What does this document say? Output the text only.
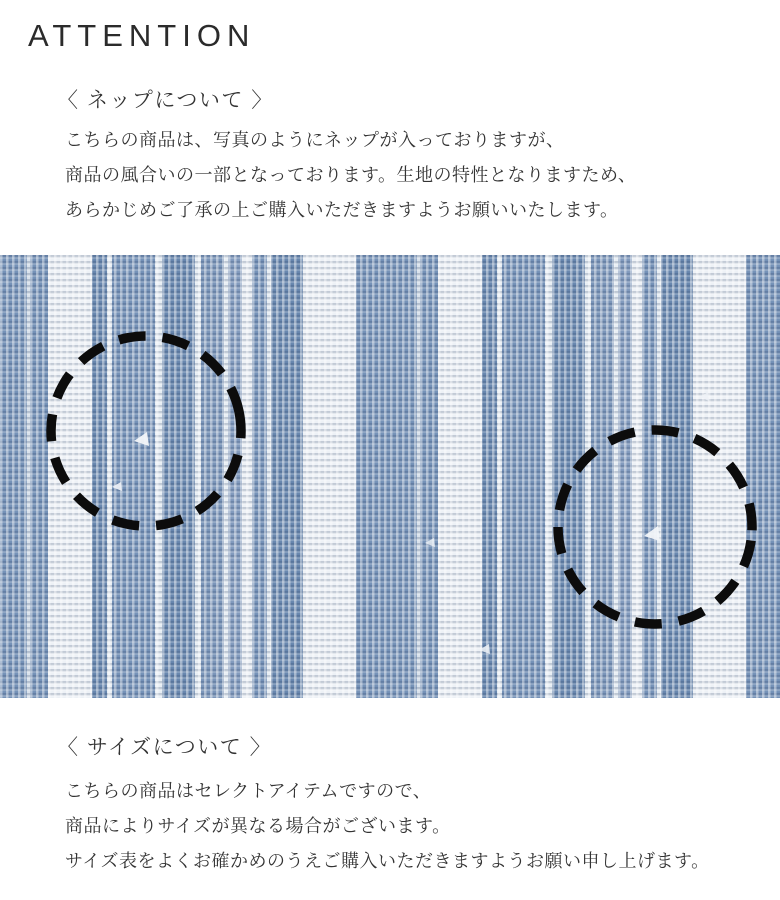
ATTENTION
〈 ネップについて 〉
こちらの商品は、写真のようにネップが入っておりますが、
商品の風合いの一部となっております。生地の特性となりますため、
あらかじめご了承の上ご購入いただきますようお願いいたします。
〈 サイズについて 〉
こちらの商品はセレクトアイテムですので、
商品によりサイズが異なる場合がございます。
サイズ表をよくお確かめのうえご購入いただきますようお願い申し上げます。
